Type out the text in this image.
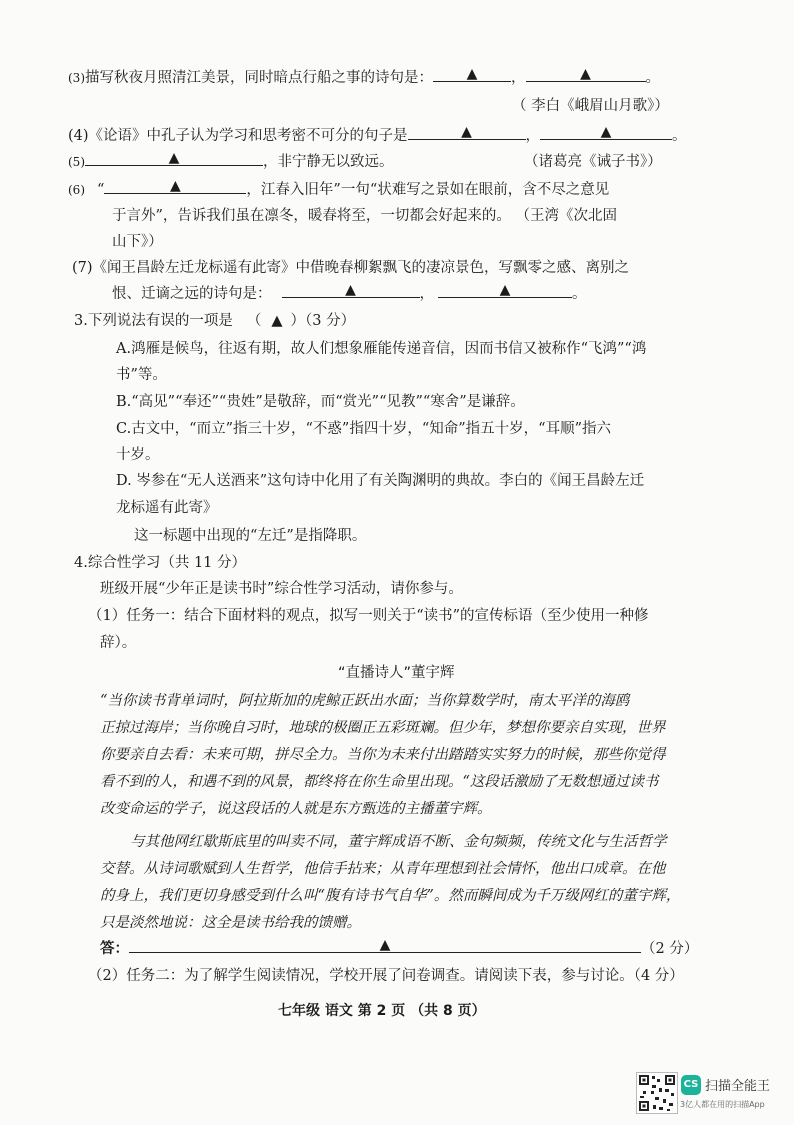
(3)描写秋夜月照清江美景，同时暗点行船之事的诗句是： ▲ ，	▲	。
（ 李白《峨眉山月歌》）
(4)《论语》中孔子认为学习和思考密不可分的句子是	▲	，	▲	。
(5)	▲	，非宁静无以致远。	（诸葛亮《诫子书》）
(6) “	▲	，江春入旧年”一句“状难写之景如在眼前，含不尽之意见
于言外”，告诉我们虽在凛冬，暖春将至，一切都会好起来的。 （王湾《次北固
山下》）
(7)《闻王昌龄左迁龙标遥有此寄》中借晚春柳絮飘飞的凄凉景色，写飘零之感、离别之
恨、迁谪之远的诗句是：	▲	，	▲	。
3.下列说法有误的一项是 （ ▲ ）（3 分）
A.鸿雁是候鸟，往返有期，故人们想象雁能传递音信，因而书信又被称作“飞鸿”“鸿
书”等。
B.“高见”“奉还”“贵姓”是敬辞，而“赏光”“见教”“寒舍”是谦辞。
C.古文中，“而立”指三十岁，“不惑”指四十岁，“知命”指五十岁，“耳顺”指六
十岁。
D. 岑参在“无人送酒来”这句诗中化用了有关陶渊明的典故。李白的《闻王昌龄左迁
龙标遥有此寄》
这一标题中出现的“左迁”是指降职。
4.综合性学习（共 11 分）
班级开展“少年正是读书时”综合性学习活动，请你参与。
（1）任务一：结合下面材料的观点，拟写一则关于“读书”的宣传标语（至少使用一种修
辞）。
“直播诗人”董宇辉
“当你读书背单词时，阿拉斯加的虎鲸正跃出水面；当你算数学时，南太平洋的海鸥
正掠过海岸；当你晚自习时，地球的极圈正五彩斑斓。但少年，梦想你要亲自实现，世界
你要亲自去看：未来可期，拼尽全力。当你为未来付出踏踏实实努力的时候，那些你觉得
看不到的人，和遇不到的风景，都终将在你生命里出现。“这段话激励了无数想通过读书
改变命运的学子，说这段话的人就是东方甄选的主播董宇辉。
与其他网红歇斯底里的叫卖不同，董宇辉成语不断、金句频频，传统文化与生活哲学
交替。从诗词歌赋到人生哲学，他信手拈来；从青年理想到社会情怀，他出口成章。在他
的身上，我们更切身感受到什么叫“腹有诗书气自华”。然而瞬间成为千万级网红的董宇辉，
只是淡然地说：这全是读书给我的馈赠。
答：	▲	（2 分）
（2）任务二：为了解学生阅读情况，学校开展了问卷调查。请阅读下表，参与讨论。（4 分）
七年级 语文 第 2 页 （共 8 页）
CS 扫描全能王
3亿人都在用的扫描App
